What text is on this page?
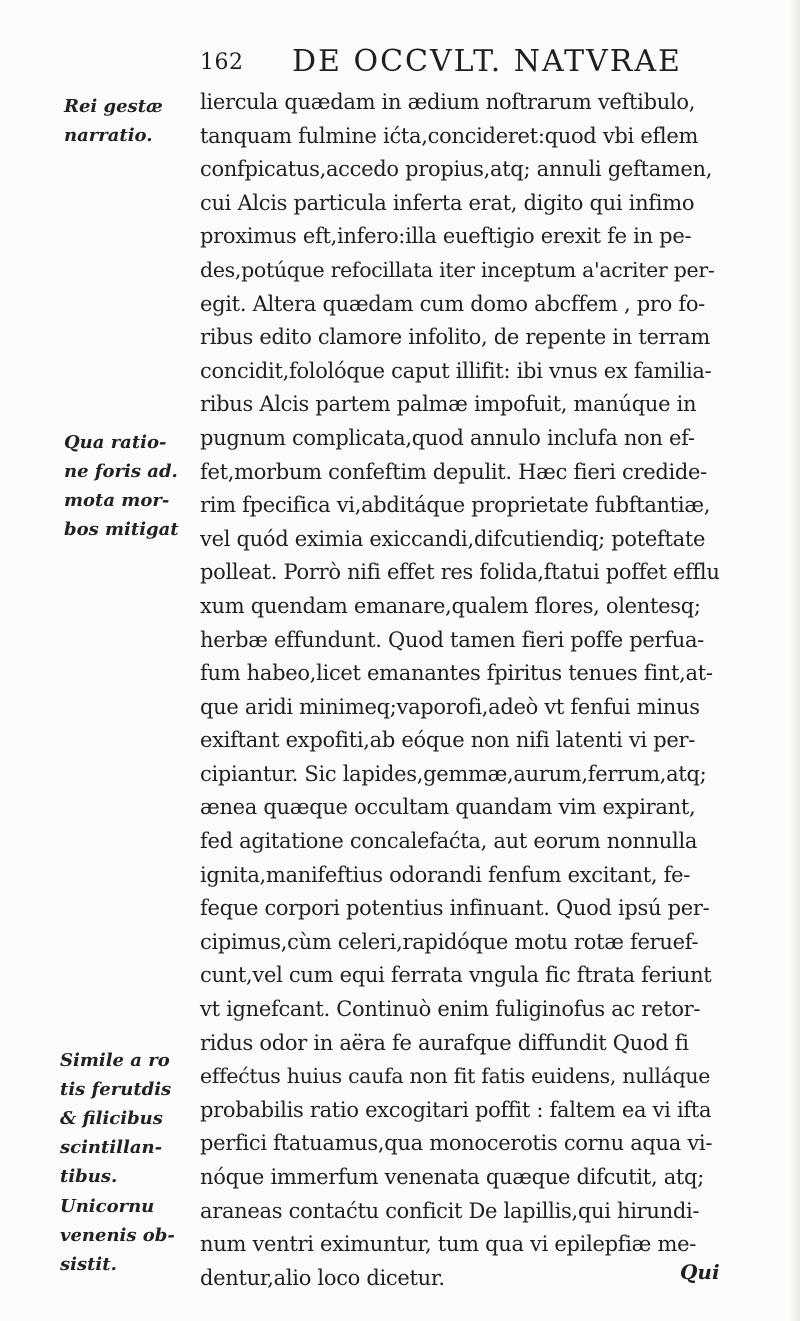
162 DE OCCVLT. NATVRAE
Rei gestæ
narratio.
Qua ratio-
ne foris ad.
mota mor-
bos mitigat
Simile a ro
tis ferutdis
& filicibus
scintillan-
tibus.
Unicornu
venenis ob-
sistit.
liercula quædam in ædium noftrarum veftibulo,
tanquam fulmine ićta,concideret:quod vbi eflem
confpicatus,accedo propius,atq; annuli geftamen,
cui Alcis particula inferta erat, digito qui infimo
proximus eft,infero:illa eueftigio erexit fe in pe-
des,potúque refocillata iter inceptum a'acriter per-
egit. Altera quædam cum domo abcffem , pro fo-
ribus edito clamore infolito, de repente in terram
concidit,fololóque caput illifit: ibi vnus ex familia-
ribus Alcis partem palmæ impofuit, manúque in
pugnum complicata,quod annulo inclufa non ef-
fet,morbum confeftim depulit. Hæc fieri credide-
rim fpecifica vi,abditáque proprietate fubftantiæ,
vel quód eximia exiccandi,difcutiendiq; poteftate
polleat. Porrò nifi effet res folida,ftatui poffet efflu
xum quendam emanare,qualem flores, olentesq;
herbæ effundunt. Quod tamen fieri poffe perfua-
fum habeo,licet emanantes fpiritus tenues fint,at-
que aridi minimeq;vaporofi,adeò vt fenfui minus
exiftant expofiti,ab eóque non nifi latenti vi per-
cipiantur. Sic lapides,gemmæ,aurum,ferrum,atq;
ænea quæque occultam quandam vim expirant,
fed agitatione concalefaćta, aut eorum nonnulla
ignita,manifeftius odorandi fenfum excitant, fe-
feque corpori potentius infinuant. Quod ipsú per-
cipimus,cùm celeri,rapidóque motu rotæ feruef-
cunt,vel cum equi ferrata vngula fic ftrata feriunt
vt ignefcant. Continuò enim fuliginofus ac retor-
ridus odor in aëra fe aurafque diffundit Quod fi
effećtus huius caufa non fit fatis euidens, nulláque
probabilis ratio excogitari poffit : faltem ea vi ifta
perfici ftatuamus,qua monocerotis cornu aqua vi-
nóque immerfum venenata quæque difcutit, atq;
araneas contaćtu conficit De lapillis,qui hirundi-
num ventri eximuntur, tum qua vi epilepfiæ me-
dentur,alio loco dicetur.	Qui
